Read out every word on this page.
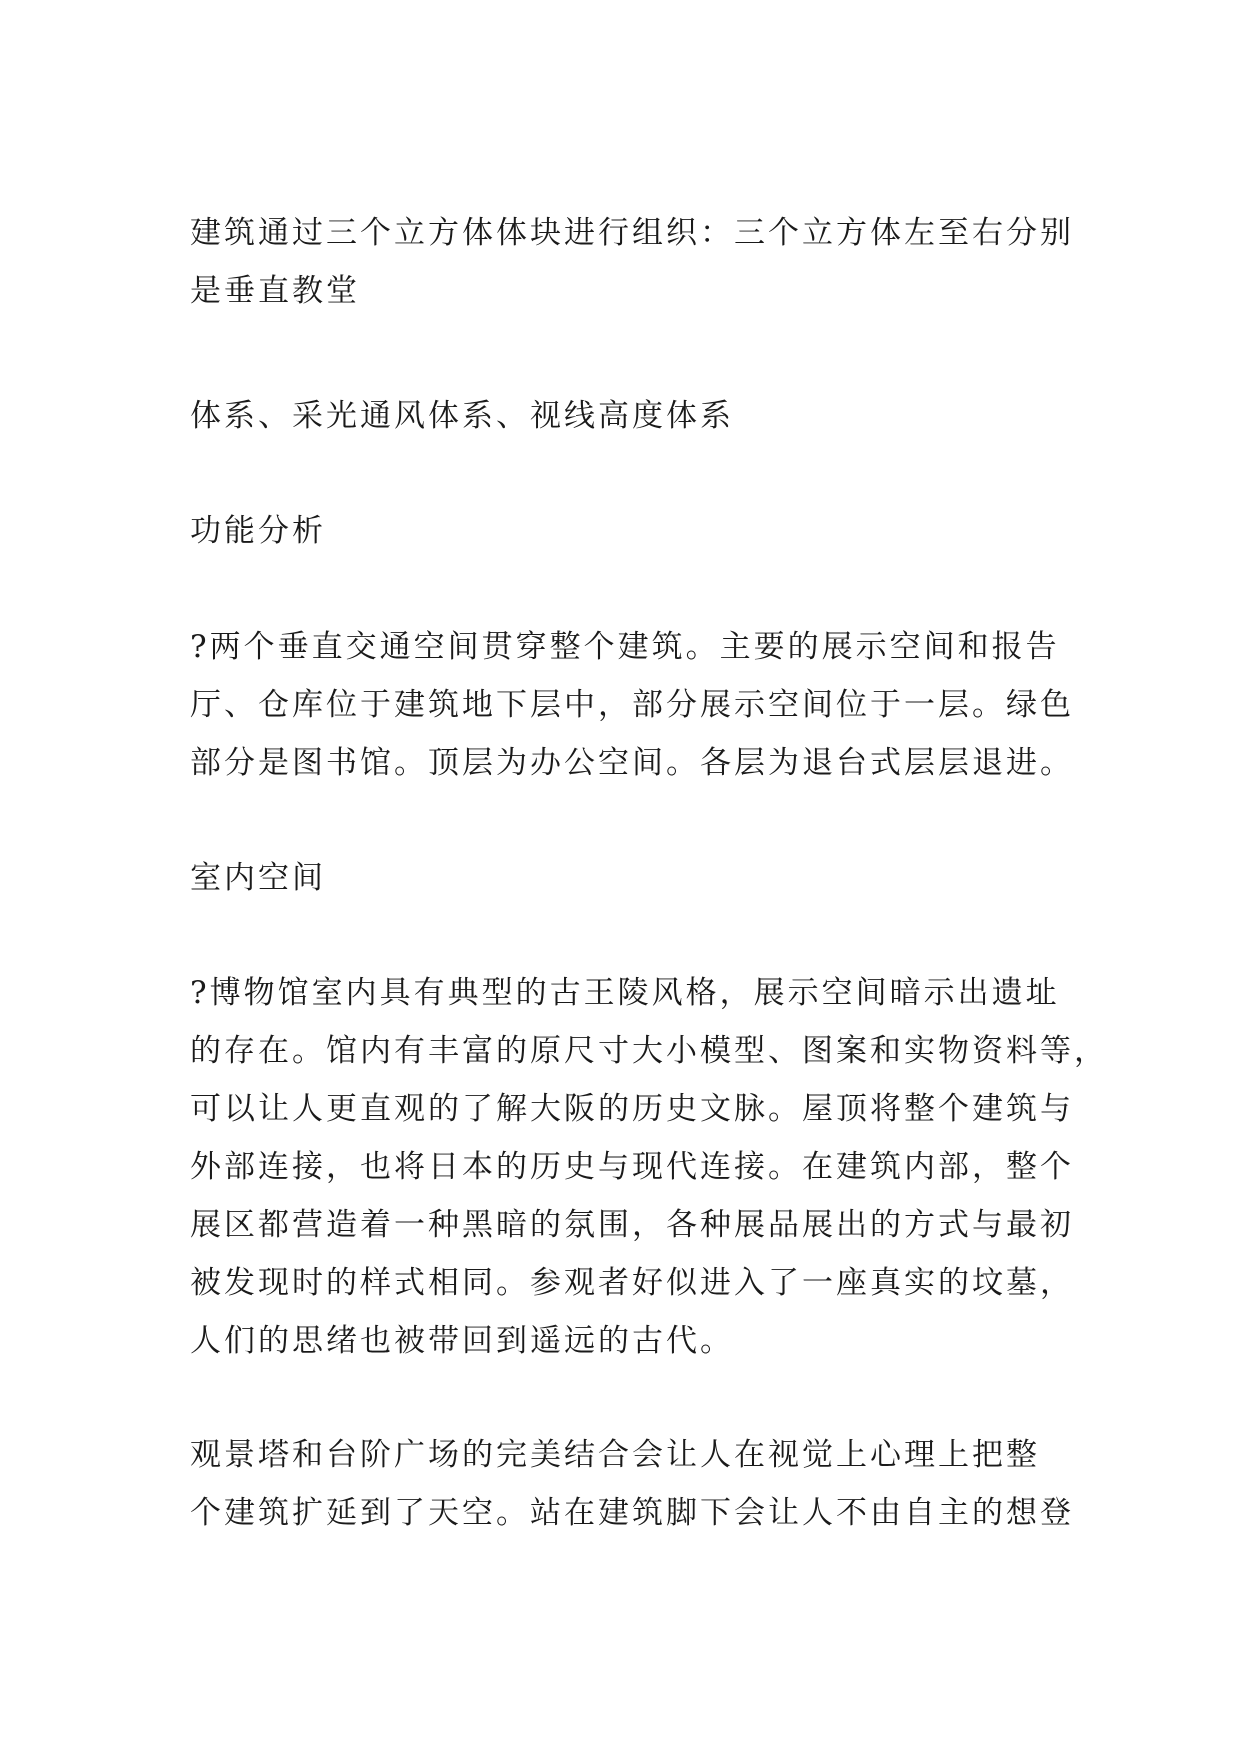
建筑通过三个立方体体块进行组织：三个立方体左至右分别
是垂直教堂

体系、采光通风体系、视线高度体系

功能分析

?两个垂直交通空间贯穿整个建筑。主要的展示空间和报告
厅、仓库位于建筑地下层中，部分展示空间位于一层。绿色
部分是图书馆。顶层为办公空间。各层为退台式层层退进。

室内空间

?博物馆室内具有典型的古王陵风格，展示空间暗示出遗址
的存在。馆内有丰富的原尺寸大小模型、图案和实物资料等，
可以让人更直观的了解大阪的历史文脉。屋顶将整个建筑与
外部连接，也将日本的历史与现代连接。在建筑内部，整个
展区都营造着一种黑暗的氛围，各种展品展出的方式与最初
被发现时的样式相同。参观者好似进入了一座真实的坟墓，
人们的思绪也被带回到遥远的古代。

观景塔和台阶广场的完美结合会让人在视觉上心理上把整
个建筑扩延到了天空。站在建筑脚下会让人不由自主的想登
